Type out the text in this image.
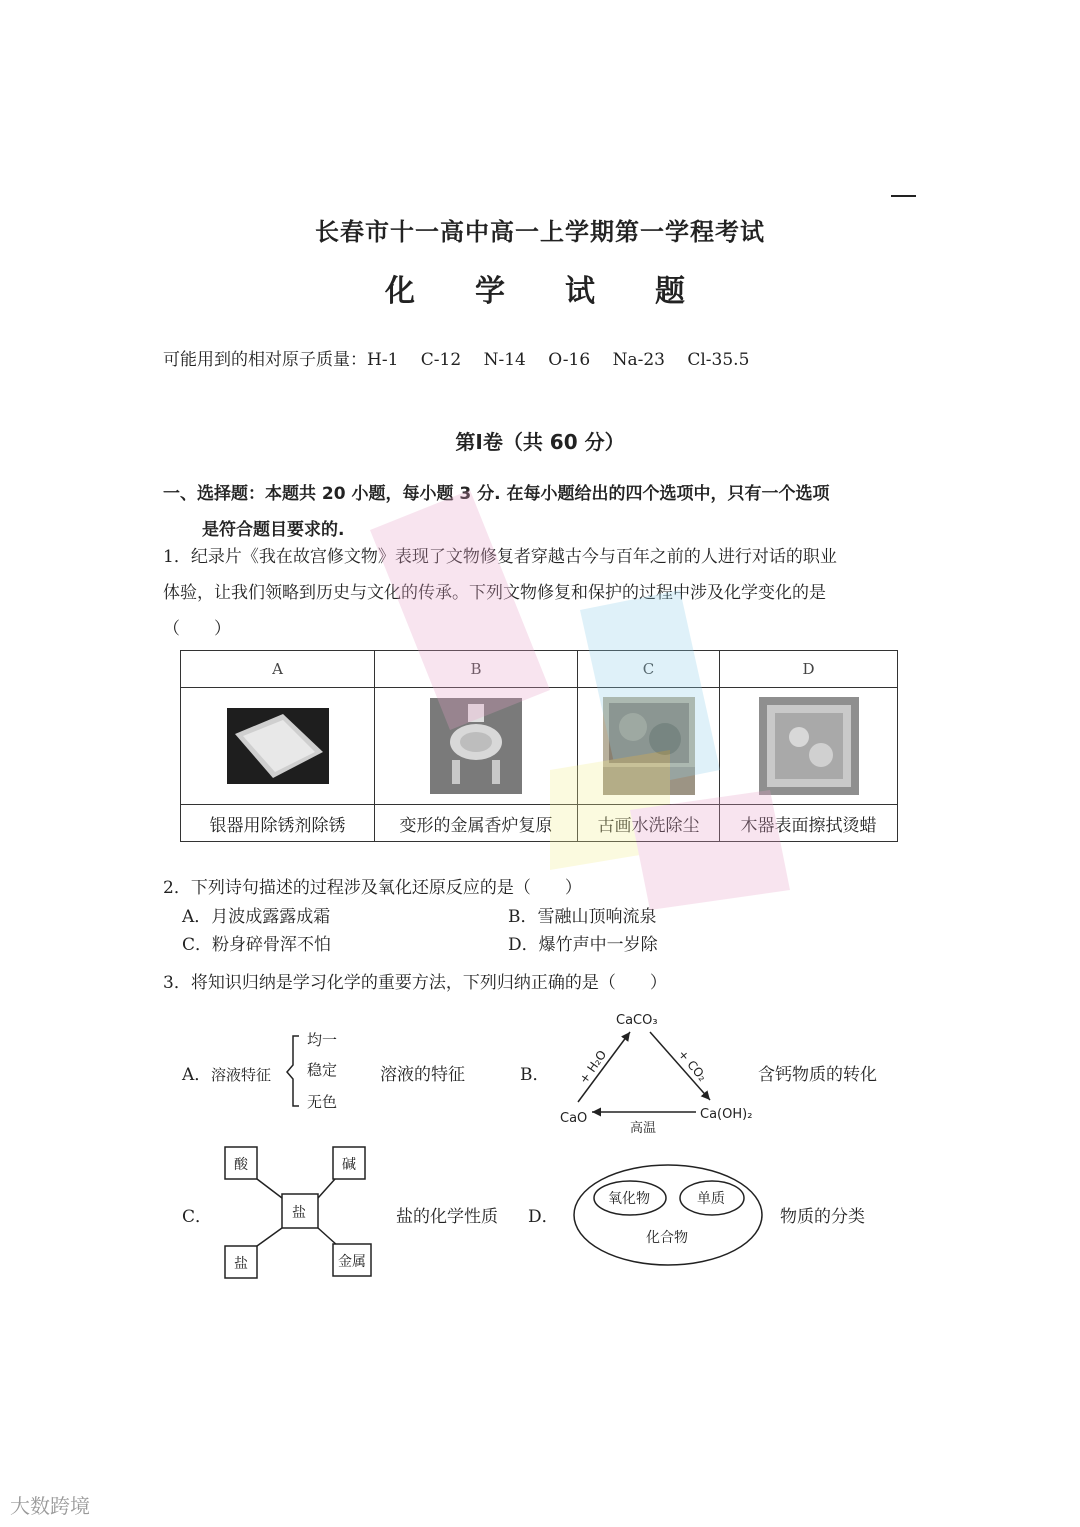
长春市十一高中高一上学期第一学程考试
化 学 试 题
可能用到的相对原子质量：H-1　 C-12　 N-14　 O-16　 Na-23　 Cl-35.5
第Ⅰ卷（共 60 分）
一、选择题：本题共 20 小题，每小题 3 分. 在每小题给出的四个选项中，只有一个选项
是符合题目要求的.
1．纪录片《我在故宫修文物》表现了文物修复者穿越古今与百年之前的人进行对话的职业
体验，让我们领略到历史与文化的传承。下列文物修复和保护的过程中涉及化学变化的是
（　　）
A	B	C	D

银器用除锈剂除锈	变形的金属香炉复原	古画水洗除尘	木器表面擦拭烫蜡
2．下列诗句描述的过程涉及氧化还原反应的是（　　）
A．月波成露露成霜	B．雪融山顶响流泉
C．粉身碎骨浑不怕	D．爆竹声中一岁除
3．将知识归纳是学习化学的重要方法，下列归纳正确的是（　　）
A． 溶液特征
均一
稳定
无色
溶液的特征	B．
CaCO₃
CaO	Ca(OH)₂
+ H₂O	+ CO₂
高温
含钙物质的转化
C．	盐
酸	碱
盐	金属
盐的化学性质 D．
氧化物	单质
化合物
物质的分类
大数跨境
